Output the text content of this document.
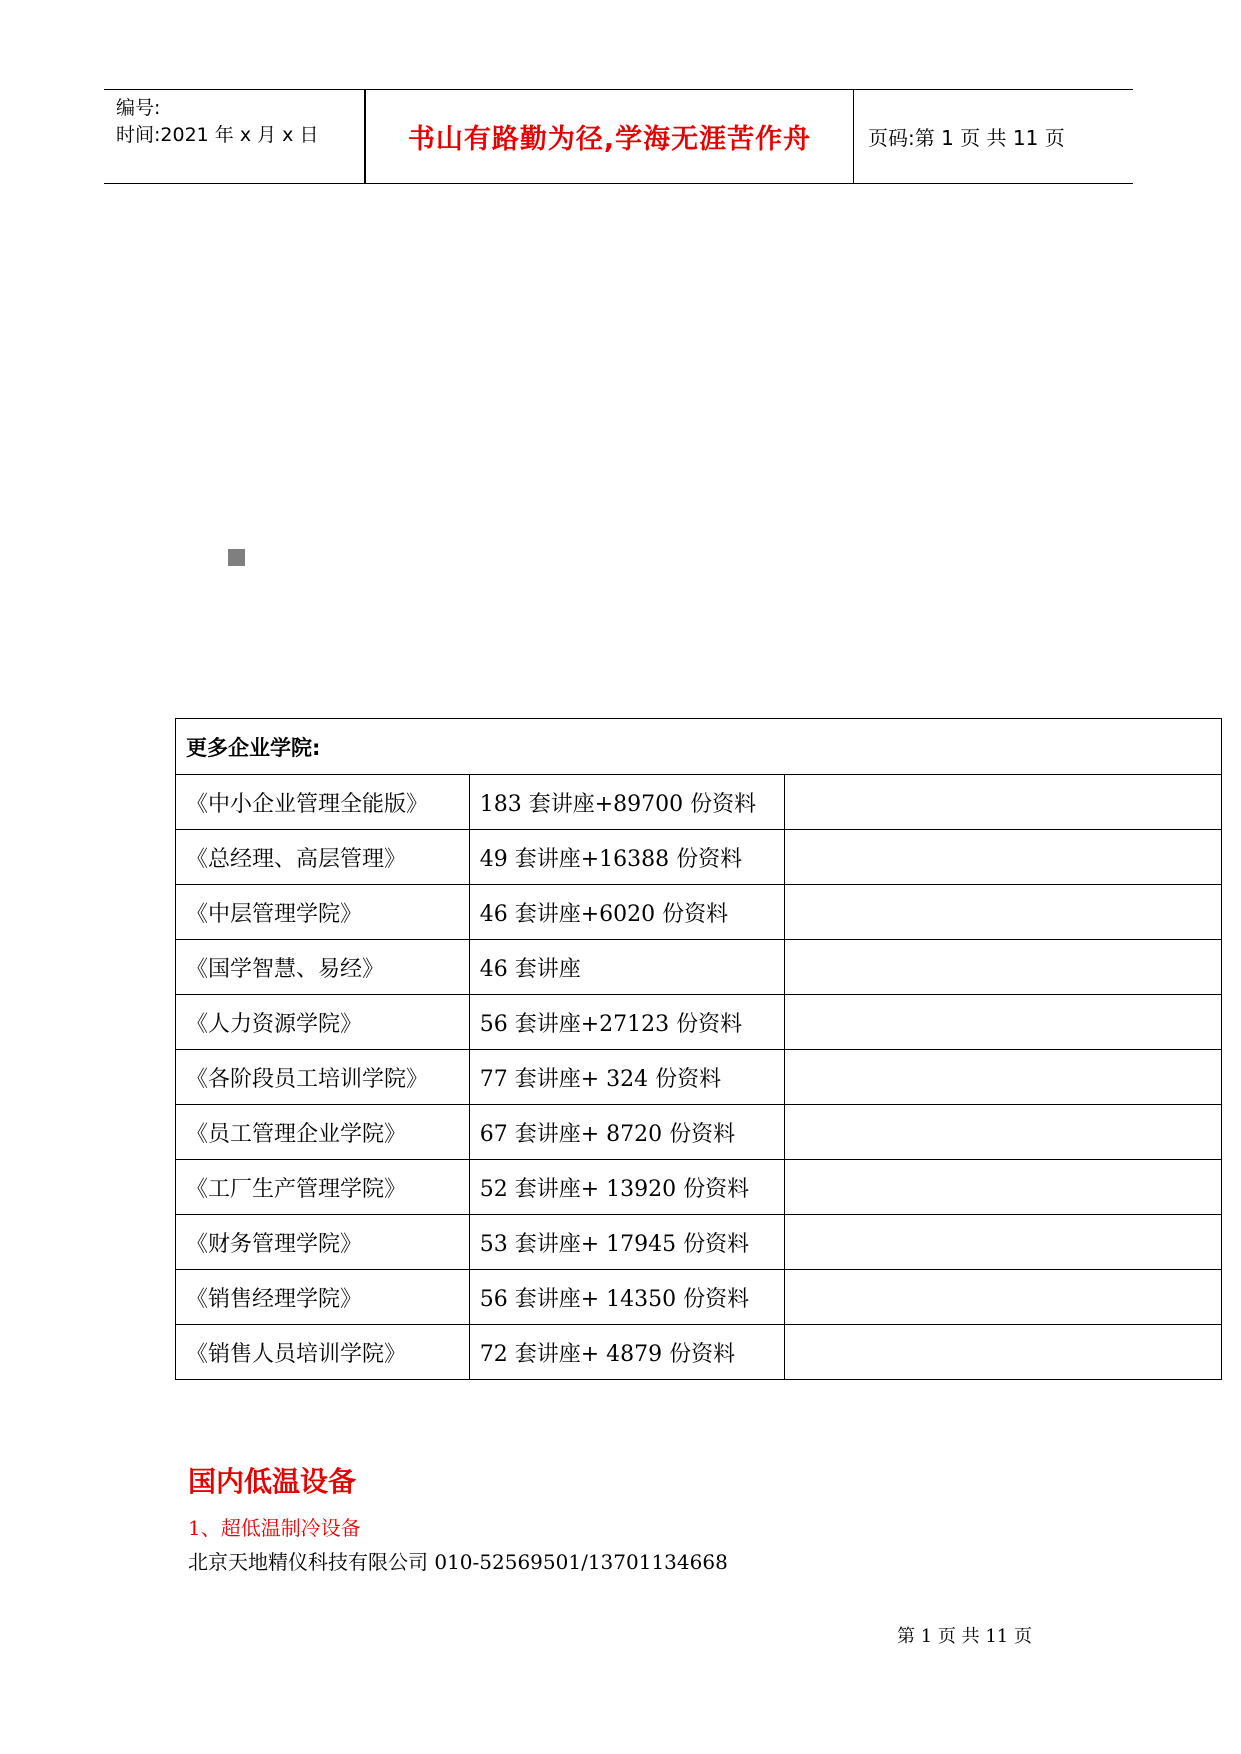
编号:
时间:2021 年 x 月 x 日	书山有路勤为径,学海无涯苦作舟	页码:第 1 页 共 11 页
更多企业学院:		
《中小企业管理全能版》	183 套讲座+89700 份资料	
《总经理、高层管理》	49 套讲座+16388 份资料	
《中层管理学院》	46 套讲座+6020 份资料	
《国学智慧、易经》	46 套讲座	
《人力资源学院》	56 套讲座+27123 份资料	
《各阶段员工培训学院》	77 套讲座+ 324 份资料	
《员工管理企业学院》	67 套讲座+ 8720 份资料	
《工厂生产管理学院》	52 套讲座+ 13920 份资料	
《财务管理学院》	53 套讲座+ 17945 份资料	
《销售经理学院》	56 套讲座+ 14350 份资料	
《销售人员培训学院》	72 套讲座+ 4879 份资料	
国内低温设备
1、超低温制冷设备
北京天地精仪科技有限公司 010-52569501/13701134668
第 1 页 共 11 页
